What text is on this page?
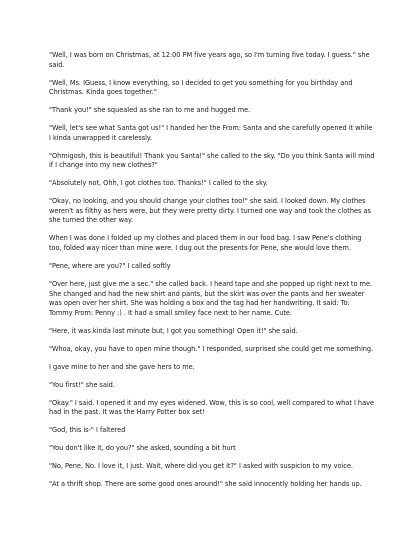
"Well, I was born on Christmas, at 12:00 PM five years ago, so I'm turning five today. I guess." she said.

"Well, Ms. IGuess, I know everything, so I decided to get you something for you birthday and Christmas. Kinda goes together."

"Thank you!" she squealed as she ran to me and hugged me.

"Well, let's see what Santa got us!" I handed her the From: Santa and she carefully opened it while I kinda unwrapped it carelessly.

"Ohmigosh, this is beautiful! Thank you Santa!" she called to the sky. "Do you think Santa will mind if I change into my new clothes?"

"Absolutely not, Ohh, I got clothes too. Thanks!" I called to the sky.

"Okay, no looking, and you should change your clothes too!" she said. I looked down. My clothes weren't as filthy as hers were, but they were pretty dirty. I turned one way and took the clothes as she turned the other way.

When I was done I folded up my clothes and placed them in our food bag. I saw Pene's clothing too, folded way nicer than mine were. I dug out the presents for Pene, she would love them.

"Pene, where are you?" I called softly

"Over here, just give me a sec." she called back. I heard tape and she popped up right next to me. She changed and had the new shirt and pants, but the skirt was over the pants and her sweater was open over her shirt. She was holding a box and the tag had her handwriting. It said: To: Tommy From: Penny :) . It had a small smiley face next to her name. Cute.

"Here, it was kinda last minute but, I got you something! Open it!" she said.

"Whoa, okay, you have to open mine though." I responded, surprised she could get me something.

I gave mine to her and she gave hers to me.

"You first!" she said.

"Okay." I said. I opened it and my eyes widened. Wow, this is so cool, well compared to what I have had in the past. It was the Harry Potter box set!

"God, this is-" I faltered

"You don't like it, do you?" she asked, sounding a bit hurt

"No, Pene, No. I love it, I just. Wait, where did you get it?" I asked with suspicion to my voice.

"At a thrift shop. There are some good ones around!" she said innocently holding her hands up.
